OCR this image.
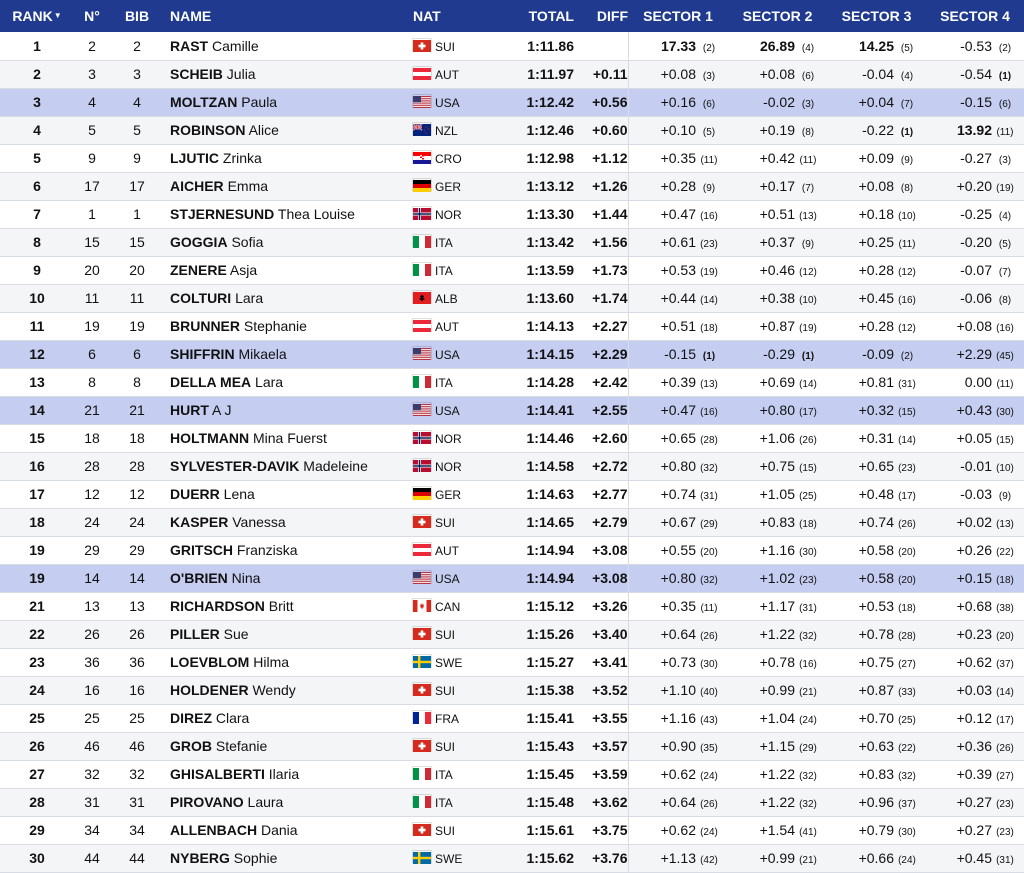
RANK▼	N°	BIB	NAME	NAT	TOTAL	DIFF	SECTOR 1	SECTOR 2	SECTOR 3	SECTOR 4
1	2	2	RAST Camille	SUI	1:11.86		17.33 (2)	26.89 (4)	14.25 (5)	-0.53 (2)
2	3	3	SCHEIB Julia	AUT	1:11.97	+0.11	+0.08 (3)	+0.08 (6)	-0.04 (4)	-0.54 (1)
3	4	4	MOLTZAN Paula	USA	1:12.42	+0.56	+0.16 (6)	-0.02 (3)	+0.04 (7)	-0.15 (6)
4	5	5	ROBINSON Alice	NZL	1:12.46	+0.60	+0.10 (5)	+0.19 (8)	-0.22 (1)	13.92 (11)
5	9	9	LJUTIC Zrinka	CRO	1:12.98	+1.12	+0.35 (11)	+0.42 (11)	+0.09 (9)	-0.27 (3)
6	17	17	AICHER Emma	GER	1:13.12	+1.26	+0.28 (9)	+0.17 (7)	+0.08 (8)	+0.20 (19)
7	1	1	STJERNESUND Thea Louise	NOR	1:13.30	+1.44	+0.47 (16)	+0.51 (13)	+0.18 (10)	-0.25 (4)
8	15	15	GOGGIA Sofia	ITA	1:13.42	+1.56	+0.61 (23)	+0.37 (9)	+0.25 (11)	-0.20 (5)
9	20	20	ZENERE Asja	ITA	1:13.59	+1.73	+0.53 (19)	+0.46 (12)	+0.28 (12)	-0.07 (7)
10	11	11	COLTURI Lara	ALB	1:13.60	+1.74	+0.44 (14)	+0.38 (10)	+0.45 (16)	-0.06 (8)
11	19	19	BRUNNER Stephanie	AUT	1:14.13	+2.27	+0.51 (18)	+0.87 (19)	+0.28 (12)	+0.08 (16)
12	6	6	SHIFFRIN Mikaela	USA	1:14.15	+2.29	-0.15 (1)	-0.29 (1)	-0.09 (2)	+2.29 (45)
13	8	8	DELLA MEA Lara	ITA	1:14.28	+2.42	+0.39 (13)	+0.69 (14)	+0.81 (31)	0.00 (11)
14	21	21	HURT A J	USA	1:14.41	+2.55	+0.47 (16)	+0.80 (17)	+0.32 (15)	+0.43 (30)
15	18	18	HOLTMANN Mina Fuerst	NOR	1:14.46	+2.60	+0.65 (28)	+1.06 (26)	+0.31 (14)	+0.05 (15)
16	28	28	SYLVESTER-DAVIK Madeleine	NOR	1:14.58	+2.72	+0.80 (32)	+0.75 (15)	+0.65 (23)	-0.01 (10)
17	12	12	DUERR Lena	GER	1:14.63	+2.77	+0.74 (31)	+1.05 (25)	+0.48 (17)	-0.03 (9)
18	24	24	KASPER Vanessa	SUI	1:14.65	+2.79	+0.67 (29)	+0.83 (18)	+0.74 (26)	+0.02 (13)
19	29	29	GRITSCH Franziska	AUT	1:14.94	+3.08	+0.55 (20)	+1.16 (30)	+0.58 (20)	+0.26 (22)
19	14	14	O'BRIEN Nina	USA	1:14.94	+3.08	+0.80 (32)	+1.02 (23)	+0.58 (20)	+0.15 (18)
21	13	13	RICHARDSON Britt	CAN	1:15.12	+3.26	+0.35 (11)	+1.17 (31)	+0.53 (18)	+0.68 (38)
22	26	26	PILLER Sue	SUI	1:15.26	+3.40	+0.64 (26)	+1.22 (32)	+0.78 (28)	+0.23 (20)
23	36	36	LOEVBLOM Hilma	SWE	1:15.27	+3.41	+0.73 (30)	+0.78 (16)	+0.75 (27)	+0.62 (37)
24	16	16	HOLDENER Wendy	SUI	1:15.38	+3.52	+1.10 (40)	+0.99 (21)	+0.87 (33)	+0.03 (14)
25	25	25	DIREZ Clara	FRA	1:15.41	+3.55	+1.16 (43)	+1.04 (24)	+0.70 (25)	+0.12 (17)
26	46	46	GROB Stefanie	SUI	1:15.43	+3.57	+0.90 (35)	+1.15 (29)	+0.63 (22)	+0.36 (26)
27	32	32	GHISALBERTI Ilaria	ITA	1:15.45	+3.59	+0.62 (24)	+1.22 (32)	+0.83 (32)	+0.39 (27)
28	31	31	PIROVANO Laura	ITA	1:15.48	+3.62	+0.64 (26)	+1.22 (32)	+0.96 (37)	+0.27 (23)
29	34	34	ALLENBACH Dania	SUI	1:15.61	+3.75	+0.62 (24)	+1.54 (41)	+0.79 (30)	+0.27 (23)
30	44	44	NYBERG Sophie	SWE	1:15.62	+3.76	+1.13 (42)	+0.99 (21)	+0.66 (24)	+0.45 (31)
